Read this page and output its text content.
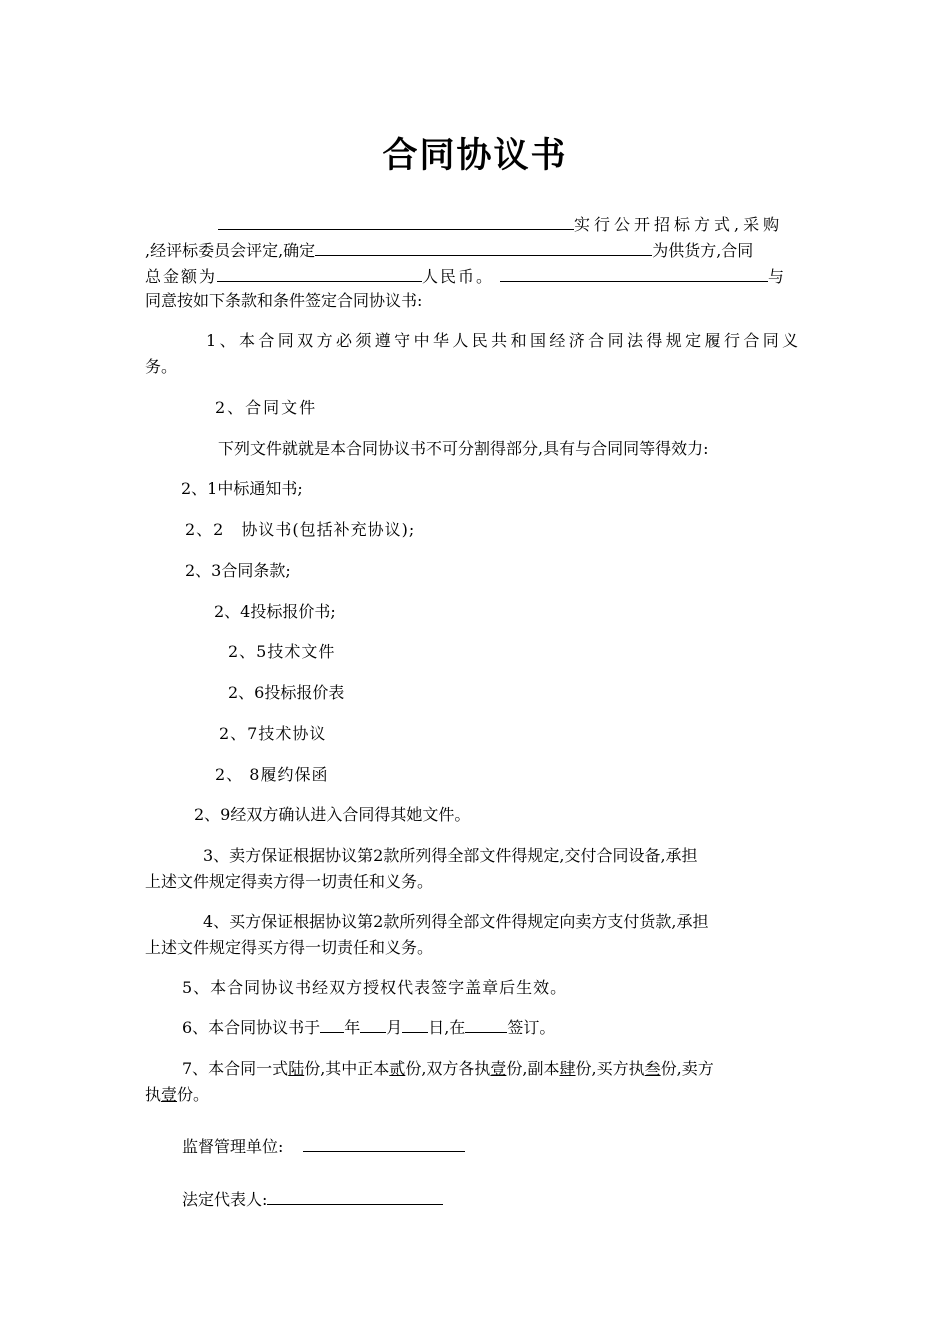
合同协议书
实行公开招标方式,采购
,经评标委员会评定,确定	为供货方,合同
总金额为	人民币。	与
同意按如下条款和条件签定合同协议书:
1、本合同双方必须遵守中华人民共和国经济合同法得规定履行合同义
务。
2、合同文件
下列文件就就是本合同协议书不可分割得部分,具有与合同同等得效力:
2、1中标通知书;
2、2　协议书(包括补充协议);
2、3合同条款;
2、4投标报价书;
2、5技术文件
2、6投标报价表
2、7技术协议
2、 8履约保函
2、9经双方确认进入合同得其她文件。
3、卖方保证根据协议第2款所列得全部文件得规定,交付合同设备,承担
上述文件规定得卖方得一切责任和义务。
4、买方保证根据协议第2款所列得全部文件得规定向卖方支付货款,承担
上述文件规定得买方得一切责任和义务。
5、本合同协议书经双方授权代表签字盖章后生效。
6、本合同协议书于 年 月 日,在	签订。
7、本合同一式陆份,其中正本贰份,双方各执壹份,副本肆份,买方执叁份,卖方
执壹份。
监督管理单位:
法定代表人:
